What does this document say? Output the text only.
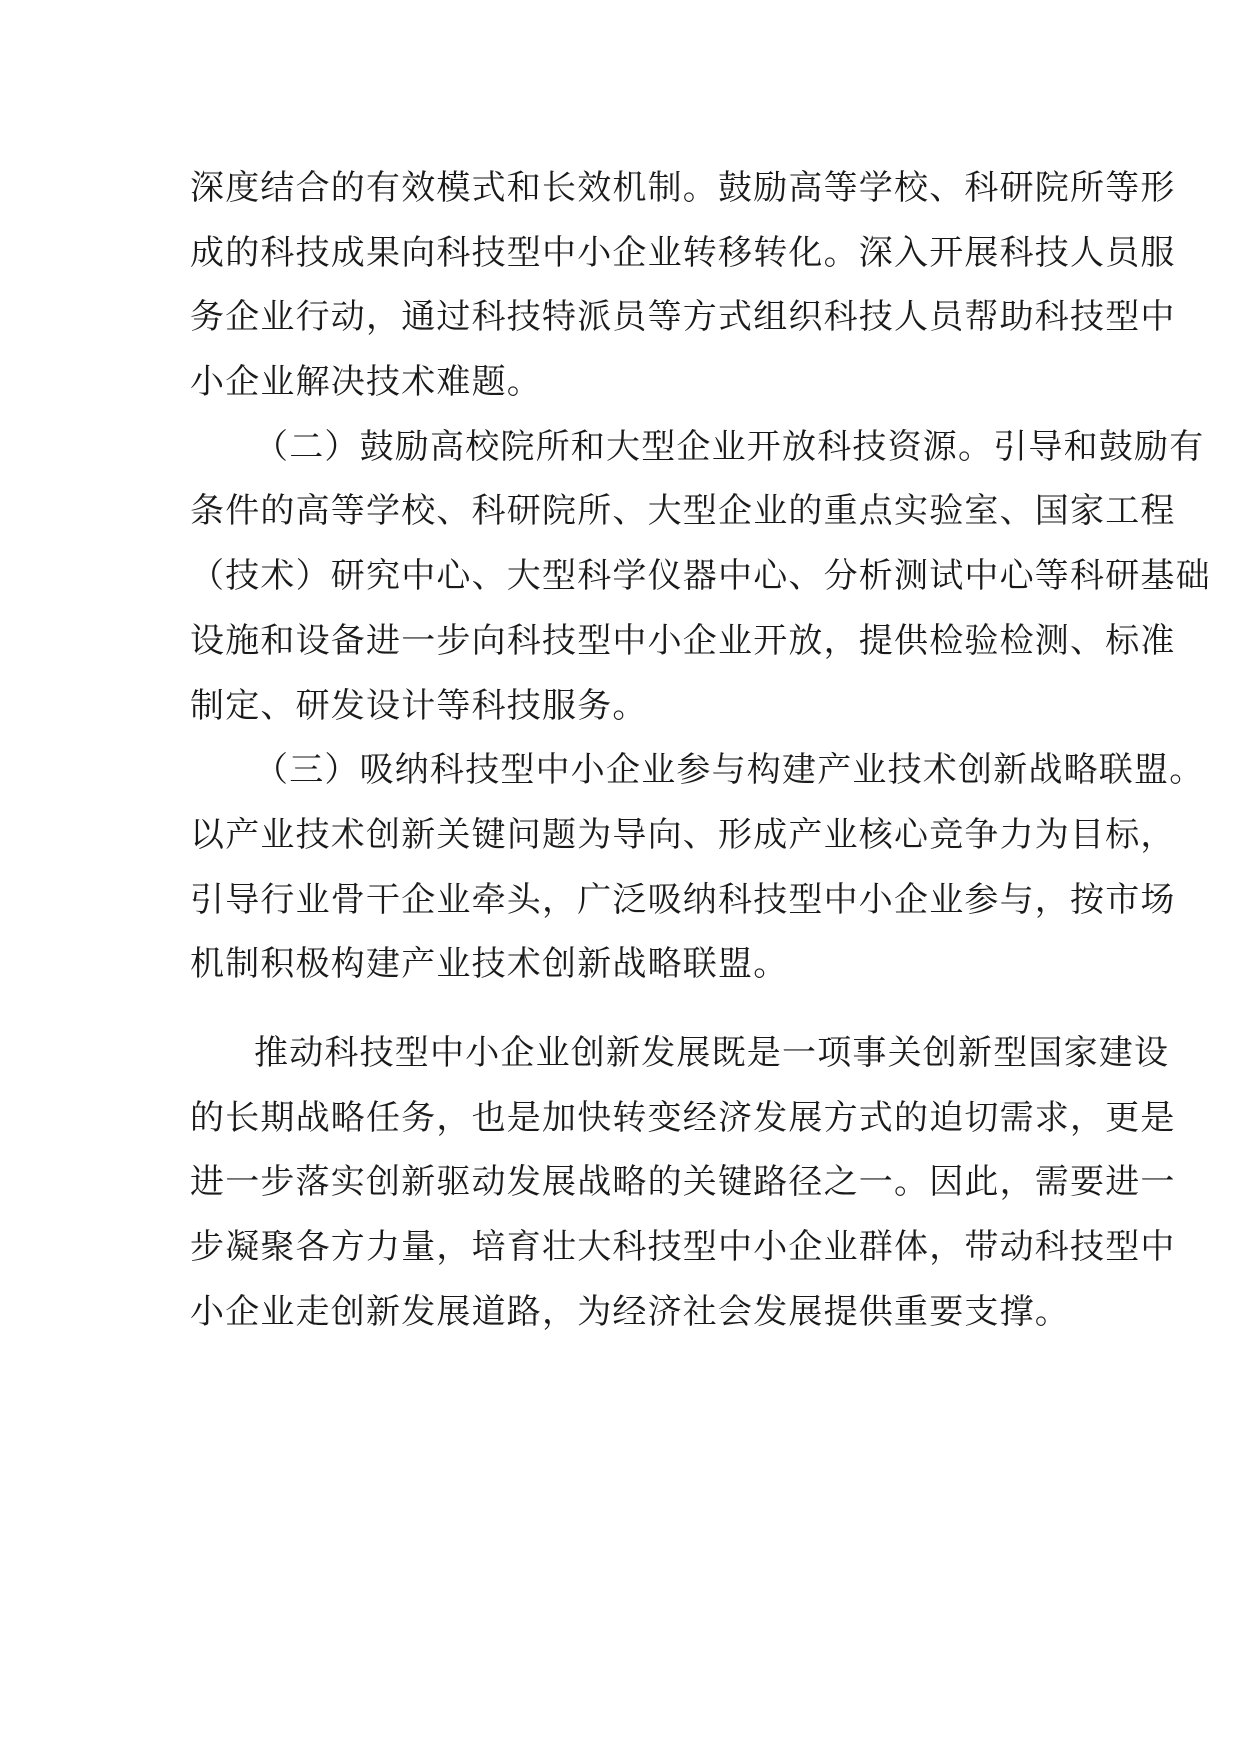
深度结合的有效模式和长效机制。鼓励高等学校、科研院所等形
成的科技成果向科技型中小企业转移转化。深入开展科技人员服
务企业行动，通过科技特派员等方式组织科技人员帮助科技型中
小企业解决技术难题。
（二）鼓励高校院所和大型企业开放科技资源。引导和鼓励有
条件的高等学校、科研院所、大型企业的重点实验室、国家工程
（技术）研究中心、大型科学仪器中心、分析测试中心等科研基础
设施和设备进一步向科技型中小企业开放，提供检验检测、标准
制定、研发设计等科技服务。
（三）吸纳科技型中小企业参与构建产业技术创新战略联盟。
以产业技术创新关键问题为导向、形成产业核心竞争力为目标，
引导行业骨干企业牵头，广泛吸纳科技型中小企业参与，按市场
机制积极构建产业技术创新战略联盟。
推动科技型中小企业创新发展既是一项事关创新型国家建设
的长期战略任务，也是加快转变经济发展方式的迫切需求，更是
进一步落实创新驱动发展战略的关键路径之一。因此，需要进一
步凝聚各方力量，培育壮大科技型中小企业群体，带动科技型中
小企业走创新发展道路，为经济社会发展提供重要支撑。
